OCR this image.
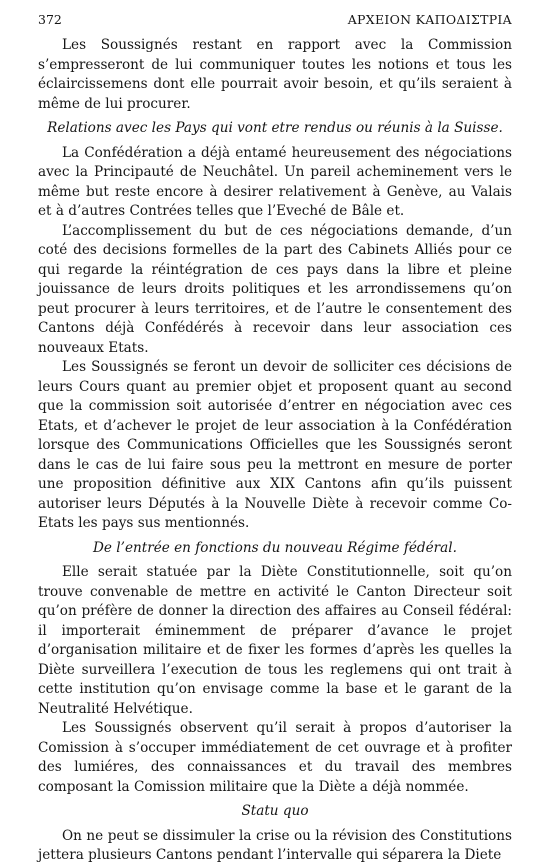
372	ΑΡΧΕΙΟΝ ΚΑΠΟΔΙΣΤΡΙΑ

Les Soussignés restant en rapport avec la Commission s’empresseront de lui communiquer toutes les notions et tous les éclaircissemens dont elle pourrait avoir besoin, et qu’ils seraient à même de lui procurer.

Relations avec les Pays qui vont etre rendus ou réunis à la Suisse.

La Confédération a déjà entamé heureusement des négociations avec la Principauté de Neuchâtel. Un pareil acheminement vers le même but reste encore à desirer relativement à Genève, au Valais et à d’autres Contrées telles que l’Eveché de Bâle et.

L’accomplissement du but de ces négociations demande, d’un coté des decisions formelles de la part des Cabinets Alliés pour ce qui regarde la réintégration de ces pays dans la libre et pleine jouissance de leurs droits politiques et les arrondissemens qu’on peut procurer à leurs territoires, et de l’autre le consentement des Cantons déjà Confédérés à recevoir dans leur association ces nouveaux Etats.

Les Soussignés se feront un devoir de solliciter ces décisions de leurs Cours quant au premier objet et proposent quant au second que la commission soit autorisée d’entrer en négociation avec ces Etats, et d’achever le projet de leur association à la Confédération lorsque des Communications Officielles que les Soussignés seront dans le cas de lui faire sous peu la mettront en mesure de porter une proposition définitive aux XIX Cantons afin qu’ils puissent autoriser leurs Députés à la Nouvelle Diète à recevoir comme Co-Etats les pays sus mentionnés.

De l’entrée en fonctions du nouveau Régime fédéral.

Elle serait statuée par la Diète Constitutionnelle, soit qu’on trouve convenable de mettre en activité le Canton Directeur soit qu’on préfère de donner la direction des affaires au Conseil fédéral: il importerait éminemment de préparer d’avance le projet d’organisation militaire et de fixer les formes d’après les quelles la Diète surveillera l’execution de tous les reglemens qui ont trait à cette institution qu’on envisage comme la base et le garant de la Neutralité Helvétique.

Les Soussignés observent qu’il serait à propos d’autoriser la Comission à s’occuper immédiatement de cet ouvrage et à profiter des lumiéres, des connaissances et du travail des membres composant la Comission militaire que la Diète a déjà nommée.

Statu quo

On ne peut se dissimuler la crise ou la révision des Constitutions jettera plusieurs Cantons pendant l’intervalle qui séparera la Diete
